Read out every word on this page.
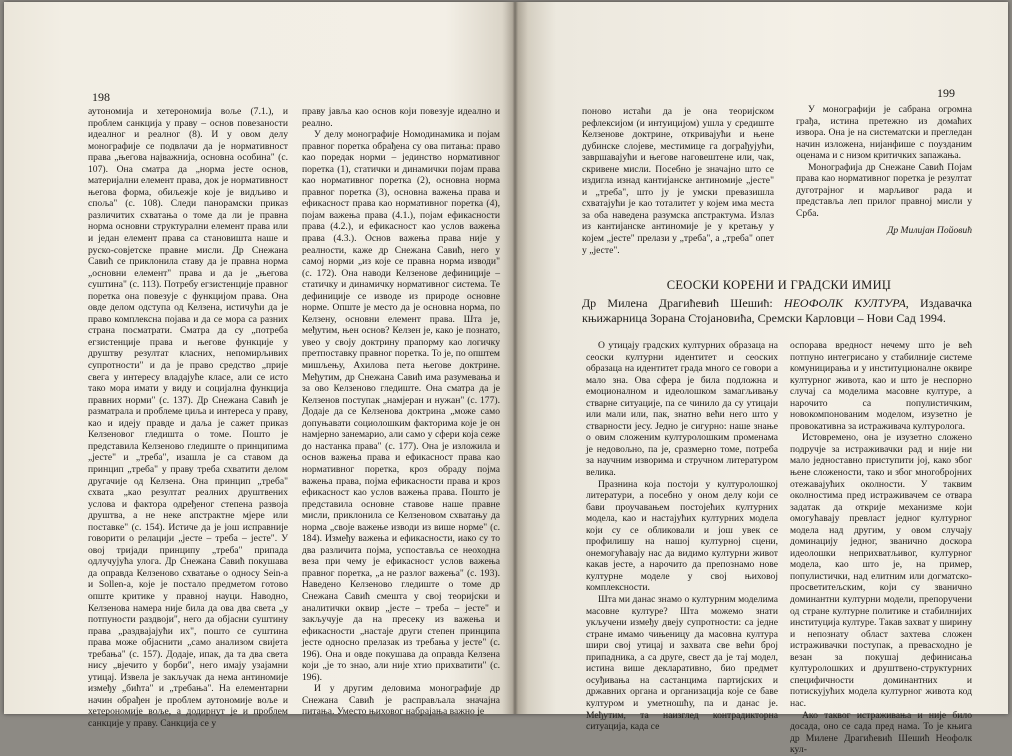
198

аутономија и хетерономија воље (7.1.), и проблем санкција у праву – основ повезаности идеалног и реалног (8). И у овом делу монографије се подвлачи да је нормативност права „његова најважнија, основна особина" (с. 107). Она сматра да „норма јесте основ, материјални елемент права, док је нормативност његова форма, обиљежје које је видљиво и споља" (с. 108). Следи панорамски приказ различитих схватања о томе да ли је правна норма основни структурални елемент права или и један елемент права са становишта наше и руско-совјетске правне мисли. Др Снежана Савић се приклонила ставу да је правна норма „основни елемент" права и да је „његова суштина" (с. 113). Потребу егзистенције правног поретка она повезује с функцијом права. Она овде делом одступа од Келзена, истичући да је право комплексна појава и да се мора са разних страна посматрати. Сматра да су „потреба егзистенције права и његове функције у друштву резултат класних, непомирљивих супротности" и да је право средство „прије свега у интересу владајуће класе, али се исто тако мора имати у виду и социјална функција правних норми" (с. 137). Др Снежана Савић је разматрала и проблеме циља и интереса у праву, као и идеју правде и даља је сажет приказ Келзеновог гледишта о томе. Пошто је представила Келзеново гледиште о принципима „јесте" и „треба", изашла је са ставом да принцип „треба" у праву треба схватити делом другачије од Келзена. Она принцип „треба" схвата „као резултат реалних друштвених услова и фактора одређеног степена развоја друштва, а не неке апстрактне мјере или поставке" (с. 154). Истиче да је још исправније говорити о релацији „јесте – треба – јесте". У овој тријади принципу „треба" припада одлучујућа улога. Др Снежана Савић покушава да оправда Келзеново схватање о односу Sein-а и Sollen-а, које је постало предметом готово опште критике у правној науци. Наводно, Келзенова намера није била да ова два света „у потпуности раздвоји", него да објасни суштину права „раздвајајући их", пошто се суштина права може објаснити „само анализом свијета требања" (с. 157). Додаје, ипак, да та два света нису „вјечито у борби", него имају узајамни утицај. Извела је закључак да нема антиномије између „бићта" и „требања". На елементарни начин обрађен је проблем аутономије воље и хетерономије воље, а додирнут је и проблем санкције у праву. Санкција се у

праву јавља као основ који повезује идеално и реално.

У делу монографије Номодинамика и појам правног поретка обрађена су ова питања: право као поредак норми – јединство нормативног поретка (1), статички и динамички појам права као нормативног поретка (2), основна норма правног поретка (3), основна важења права и ефикасност права као нормативног поретка (4), појам важења права (4.1.), појам ефикасности права (4.2.), и ефикасност као услов важења права (4.3.). Основ важења права није у реалности, каже др Снежана Савић, него у самој норми „из које се правна норма изводи" (с. 172). Она наводи Келзенове дефиниције – статичку и динамичку нормативног система. Те дефиниције се изводе из природе основне норме. Опште је место да је основна норма, по Келзену, основни елемент права. Шта је, међутим, њен основ? Келзен је, како је познато, увео у своју доктрину прапорму као логичку претпоставку правног поретка. То је, по општем мишљењу, Ахилова пета његове доктрине. Међутим, др Снежана Савић има разумевања и за ово Келзеново гледиште. Она сматра да је Келзенов поступак „намјеран и нужан" (с. 177). Додаје да се Келзенова доктрина „може само допуњавати социолошким факторима које је он намјерно занемарио, али само у сфери која сеже до настанка права" (с. 177). Она је изложила и основ важења права и ефикасност права као нормативног поретка, кроз обраду појма важења права, појма ефикасности права и кроз ефикасност као услов важења права. Пошто је представила основне ставове наше правне мисли, приклонила се Келзеновом схватању да норма „своје важење изводи из више норме" (с. 184). Између важења и ефикасности, иако су то два различита појма, успоставља се неоходна веза при чему је ефикасност услов важења правног поретка, „а не разлог важења" (с. 193). Наведено Келзеново гледиште о томе др Снежана Савић смешта у свој теоријски и аналитички оквир „јесте – треба – јесте" и закључује да на пресеку из важења и ефикасности „настаје други степен принципа јесте односно прелазак из требања у јесте" (с. 196). Она и овде покушава да оправда Келзена који „је то знао, али није хтио прихватити" (с. 196).

И у другим деловима монографије др Снежана Савић је расправљала значајна питања. Уместо њиховог набрајања важно је

199

поново истаћи да је она теоријском рефлексијом (и интуицијом) ушла у средиште Келзенове доктрине, откривајући и њене дубинске слојеве, местимице га дограђујући, завршавајући и његове наговештене или, чак, скривене мисли. Посебно је значајно што се издигла изнад кантијанске антиномије „јесте" и „треба", што ју је умски превазишла схватајући је као тоталитет у којем има места за оба наведена разумска апстрактума. Излаз из кантијанске антиномије је у кретању у којем „јесте" прелази у „треба", а „треба" опет у „јесте".

У монографији је сабрана огромна грађа, истина претежно из домаћих извора. Она је на систематски и прегледан начин изложена, нијанфише с поузданим оценама и с низом критичких запажања.

Монографија др Снежане Савић Појам права као нормативног поретка је резултат дуготрајног и марљивог рада и представља леп прилог правној мисли у Срба.

Др Милијан Пойовић
СЕОСКИ КОРЕНИ И ГРАДСКИ ИМИЏ
Др Милена Драгићевић Шешић: НЕОФОЛК КУЛТУРА, Издавачка књижарница Зорана Стојановића, Сремски Карловци – Нови Сад 1994.

О утицају градских културних образаца на сеоски културни идентитет и сеоских образаца на идентитет града много се говори а мало зна. Ова сфера је била подложна и емоционалном и идеолошком замагљивању стварне ситуације, па се чинило да су утицаји или мали или, пак, знатно већи него што у стварности јесу. Једно је сигурно: наше знање о овим сложеним културолошким променама је недовољно, па је, сразмерно томе, потреба за научним изворима и стручном литературом велика.

Празнина која постоји у културолошкој литератури, а посебно у оном делу који се бави проучавањем постојећих културних модела, као и настајућих културних модела који су се обликовали и још увек се профилишу на нашој културној сцени, онемогућавају нас да видимо културни живот какав јесте, а нарочито да препознамо нове културне моделе у свој њиховој комплексности.

Шта ми данас знамо о културним моделима масовне културе? Шта можемо знати укључени између двеју супротности: са једне стране имамо чињеницу да масовна култура шири свој утицај и захвата све већи број припадника, а са друге, свест да је тај модел, истина више декларативно, био предмет осуђивања на састанцима партијских и државних органа и организација које се баве културом и уметношћу, па и данас је. Међутим, та наизглед контрадикторна ситуација, када се

оспорава вредност нечему што је већ потпуно интегрисано у стабилније системе комуницирања и у институционалне оквире културног живота, као и што је неспорно случај са моделима масовне културе, а нарочито са популистичким, новокомпонованим моделом, изузетно је провокативна за истраживача културолога.

Истовремено, она је изузетно сложено подручје за истраживачки рад и није ни мало једноставно приступити јој, како због њене сложености, тако и због многобројних отежавајућих околности. У таквим околностима пред истраживачем се отвара задатак да открије механизме који омогућавају превласт једног културног модела над другим, у овом случају доминацију једног, званично доскора идеолошки неприхватљивог, културног модела, као што је, на пример, популистички, над елитним или догматско-просветитељским, који су званично доминантни културни модели, препоручени од стране културне политике и стабилнијих институција културе. Такав захват у ширину и непознату област захтева сложен истраживачки поступак, а превасходно је везан за покушај дефинисања културолошких и друштвено-структурних специфичности доминантних и потискујућих модела културног живота код нас.

Ако таквог истраживања и није било досада, оно се сада пред нама. То је књига др Милене Драгићевић Шешић Неофолк кул-
